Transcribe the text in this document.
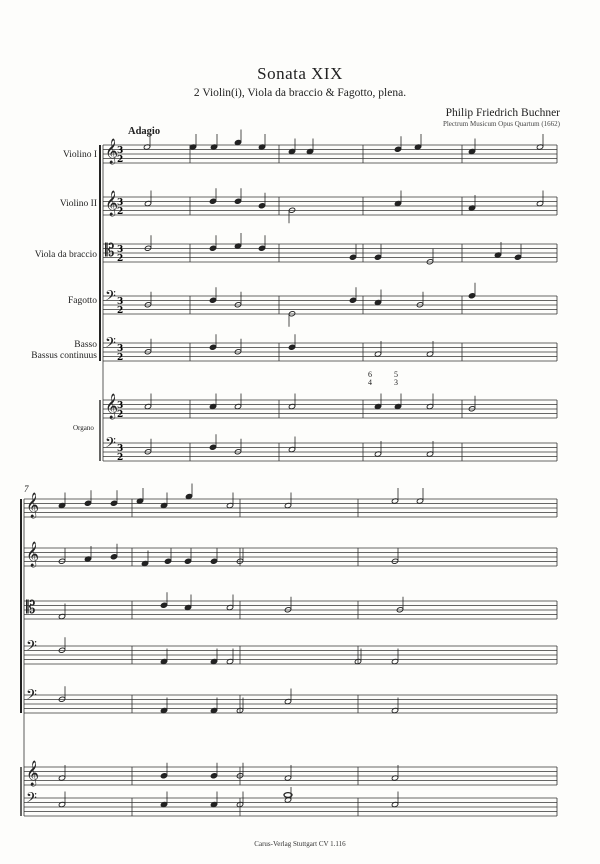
Sonata XIX
2 Violin(i), Viola da braccio & Fagotto, plena.
Philip Friedrich Buchner
Plectrum Musicum Opus Quartum (1662)
Adagio
Violino I
Violino II
Viola da braccio
Fagotto
Basso
Bassus continuus
Organo
6
4
5
3
7
𝄞
3
2
𝄞
3
2
𝄡 3
2
𝄢 3
2
𝄢 3
2
𝄞
3
2
𝄢 3
2
𝄞
𝄞
𝄡
𝄢
𝄢
𝄞
𝄢
Carus-Verlag Stuttgart CV 1.116
